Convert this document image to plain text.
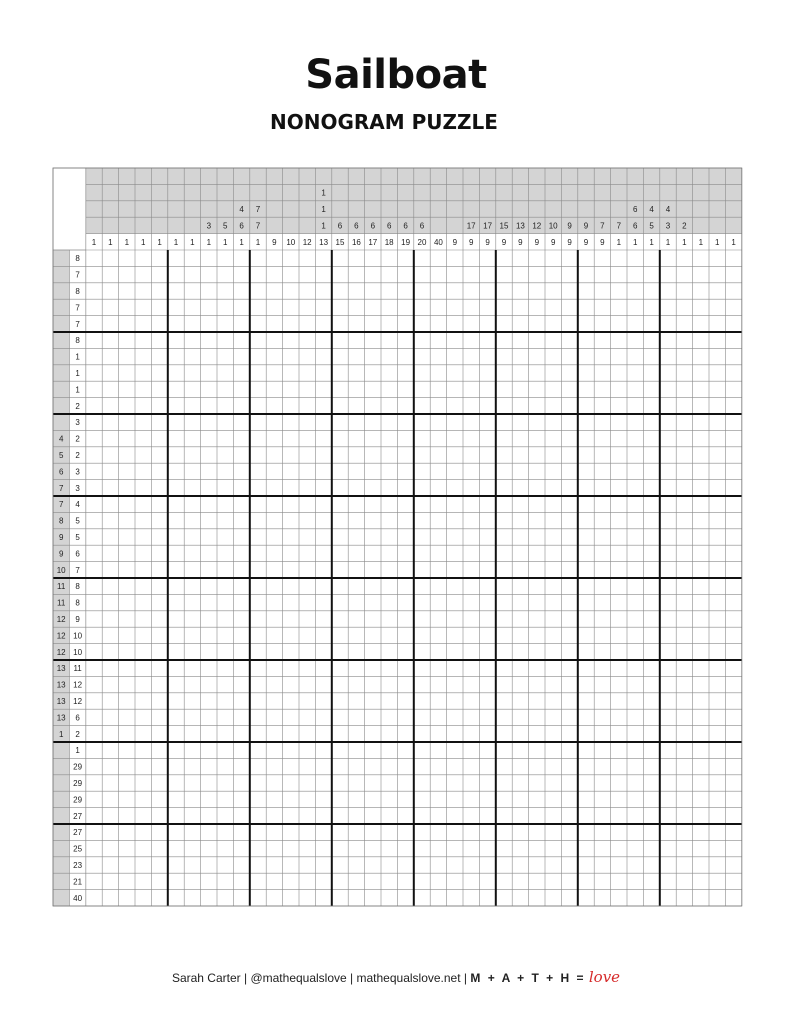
Sailboat
NONOGRAM PUZZLE
1 1 1 1 1 1 1
3
1
5
1
4
6
1
7
7
1 9 10 12
1
1
1
13
6
15
6
16
6
17
6
18
6
19
6
20 40 9
17
9
17
9
15
9
13
9
12
9
10
9
9
9
9
9
7
9
7
1
6
6
1
4
5
1
4
3
1
2
1 1 1 1
8
7
8
7
7
8
1
1
1
2
3
4 2
5 2
6 3
7 3
7 4
8 5
9 5
9 6
10 7
11 8
11 8
12 9
12 10
12 10
13 11
13 12
13 12
13 6
1 2
1
29
29
29
27
27
25
23
21
40
Sarah Carter | @mathequalslove | mathequalslove.net | M + A + T + H = love
